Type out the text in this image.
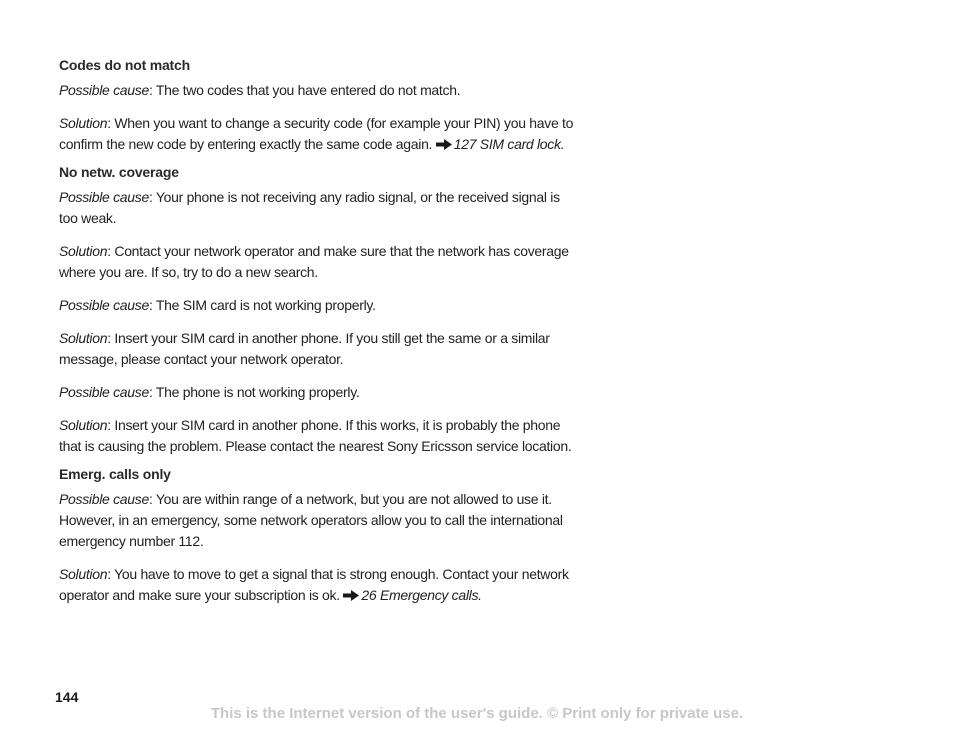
Codes do not match

Possible cause: The two codes that you have entered do not match.

Solution: When you want to change a security code (for example your PIN) you have to confirm the new code by entering exactly the same code again. 127 SIM card lock.

No netw. coverage

Possible cause: Your phone is not receiving any radio signal, or the received signal is too weak.

Solution: Contact your network operator and make sure that the network has coverage where you are. If so, try to do a new search.

Possible cause: The SIM card is not working properly.

Solution: Insert your SIM card in another phone. If you still get the same or a similar message, please contact your network operator.

Possible cause: The phone is not working properly.

Solution: Insert your SIM card in another phone. If this works, it is probably the phone that is causing the problem. Please contact the nearest Sony Ericsson service location.

Emerg. calls only

Possible cause: You are within range of a network, but you are not allowed to use it. However, in an emergency, some network operators allow you to call the international emergency number 112.

Solution: You have to move to get a signal that is strong enough. Contact your network operator and make sure your subscription is ok. 26 Emergency calls.

144
This is the Internet version of the user's guide. © Print only for private use.
